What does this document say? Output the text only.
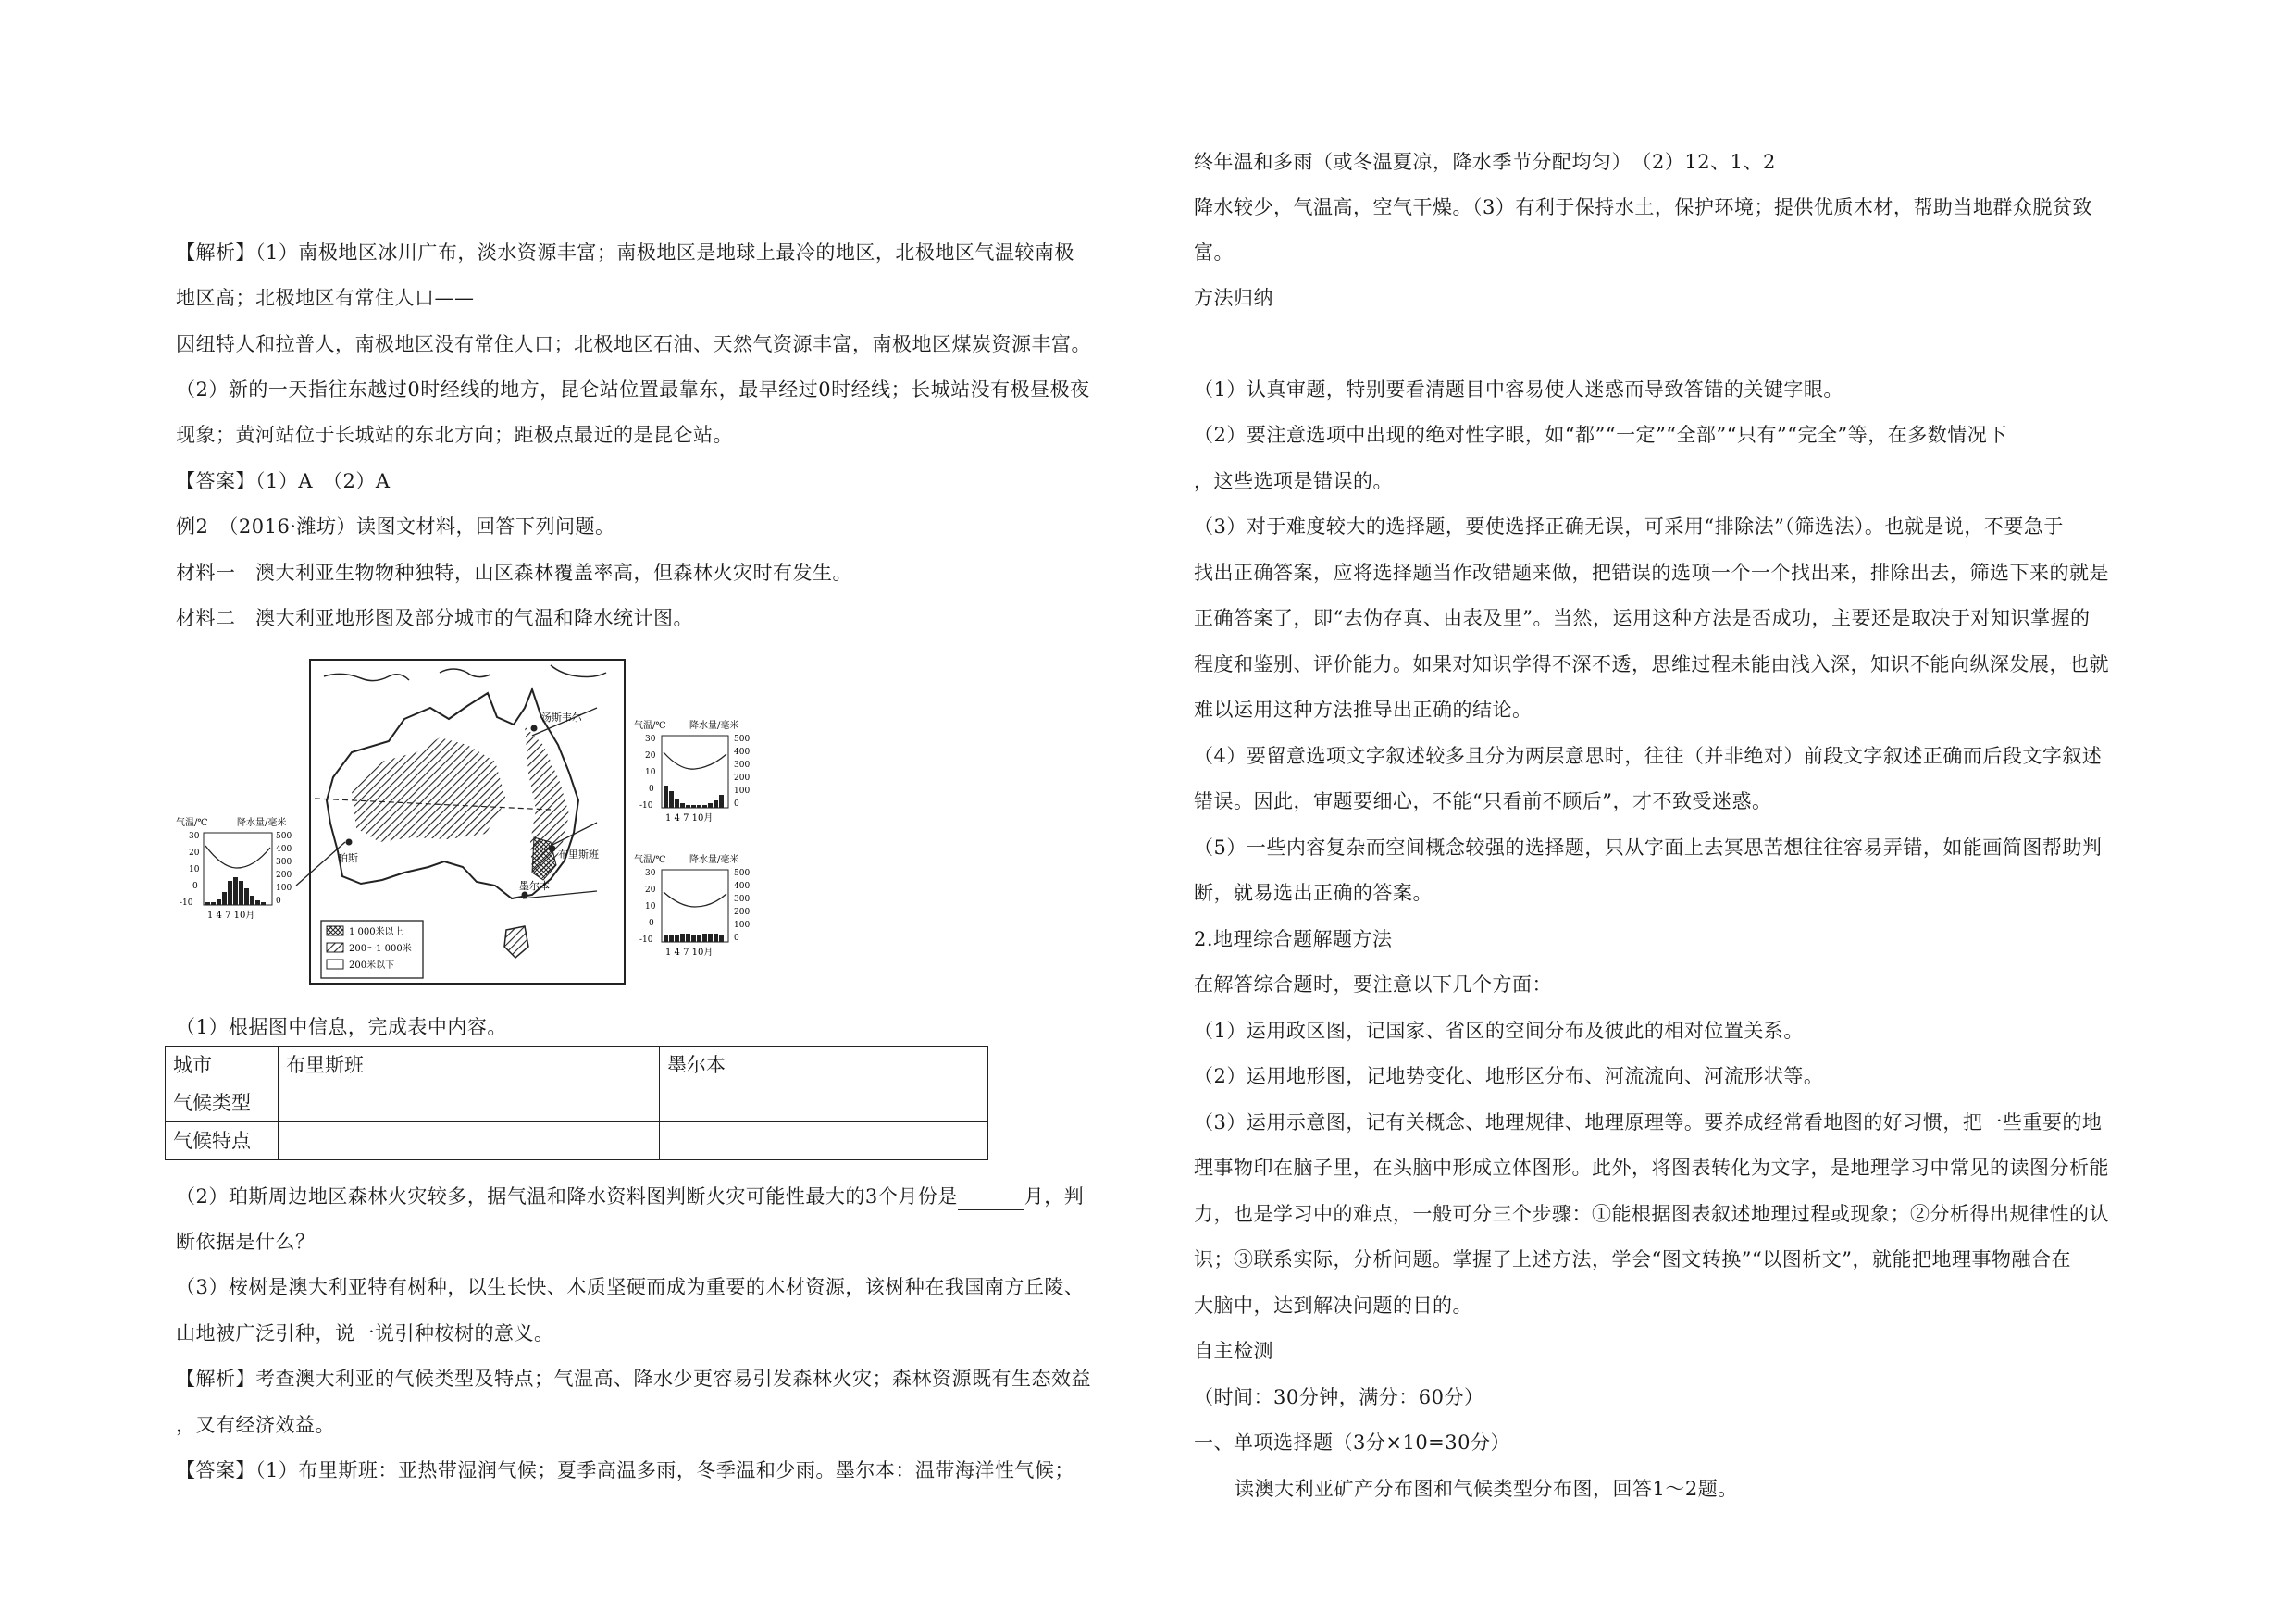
【解析】（1）南极地区冰川广布，淡水资源丰富；南极地区是地球上最冷的地区，北极地区气温较南极
地区高；北极地区有常住人口——
因纽特人和拉普人，南极地区没有常住人口；北极地区石油、天然气资源丰富，南极地区煤炭资源丰富。
（2）新的一天指往东越过0时经线的地方，昆仑站位置最靠东，最早经过0时经线；长城站没有极昼极夜
现象；黄河站位于长城站的东北方向；距极点最近的是昆仑站。
【答案】（1）A　（2）A
例2　（2016·潍坊）读图文材料，回答下列问题。
材料一　澳大利亚生物物种独特，山区森林覆盖率高，但森林火灾时有发生。
材料二　澳大利亚地形图及部分城市的气温和降水统计图。
汤斯韦尔
珀斯	布里斯班
墨尔本
1 000米以上
200～1 000米
200米以下
气温/℃	降水量/毫米
30
20
10
0
-10
500
400
300
200
100
0
1 4 7 10月
气温/℃	降水量/毫米
30
20
10
0
-10
500
400
300
200
100
0
1 4 7 10月
气温/℃	降水量/毫米
30
20
10
0
-10
500
400
300
200
100
0
1 4 7 10月
（1）根据图中信息，完成表中内容。
城市	布里斯班	墨尔本
气候类型		
气候特点		
（2）珀斯周边地区森林火灾较多，据气温和降水资料图判断火灾可能性最大的3个月份是	月，判
断依据是什么？
（3）桉树是澳大利亚特有树种，以生长快、木质坚硬而成为重要的木材资源，该树种在我国南方丘陵、
山地被广泛引种，说一说引种桉树的意义。
【解析】考查澳大利亚的气候类型及特点；气温高、降水少更容易引发森林火灾；森林资源既有生态效益
，又有经济效益。
【答案】（1）布里斯班：亚热带湿润气候；夏季高温多雨，冬季温和少雨。墨尔本：温带海洋性气候；
终年温和多雨（或冬温夏凉，降水季节分配均匀）　（2）12、1、2
降水较少，气温高，空气干燥。（3）有利于保持水土，保护环境；提供优质木材，帮助当地群众脱贫致
富。
方法归纳
（1）认真审题，特别要看清题目中容易使人迷惑而导致答错的关键字眼。
（2）要注意选项中出现的绝对性字眼，如“都”“一定”“全部”“只有”“完全”等，在多数情况下
，这些选项是错误的。
（3）对于难度较大的选择题，要使选择正确无误，可采用“排除法”（筛选法）。也就是说，不要急于
找出正确答案，应将选择题当作改错题来做，把错误的选项一个一个找出来，排除出去，筛选下来的就是
正确答案了，即“去伪存真、由表及里”。当然，运用这种方法是否成功，主要还是取决于对知识掌握的
程度和鉴别、评价能力。如果对知识学得不深不透，思维过程未能由浅入深，知识不能向纵深发展，也就
难以运用这种方法推导出正确的结论。
（4）要留意选项文字叙述较多且分为两层意思时，往往（并非绝对）前段文字叙述正确而后段文字叙述
错误。因此，审题要细心，不能“只看前不顾后”，才不致受迷惑。
（5）一些内容复杂而空间概念较强的选择题，只从字面上去冥思苦想往往容易弄错，如能画简图帮助判
断，就易选出正确的答案。
2.地理综合题解题方法
在解答综合题时，要注意以下几个方面：
（1）运用政区图，记国家、省区的空间分布及彼此的相对位置关系。
（2）运用地形图，记地势变化、地形区分布、河流流向、河流形状等。
（3）运用示意图，记有关概念、地理规律、地理原理等。要养成经常看地图的好习惯，把一些重要的地
理事物印在脑子里，在头脑中形成立体图形。此外，将图表转化为文字，是地理学习中常见的读图分析能
力，也是学习中的难点，一般可分三个步骤：①能根据图表叙述地理过程或现象；②分析得出规律性的认
识；③联系实际，分析问题。掌握了上述方法，学会“图文转换”“以图析文”，就能把地理事物融合在
大脑中，达到解决问题的目的。
自主检测
（时间：30分钟，满分：60分）
一、单项选择题（3分×10=30分）
读澳大利亚矿产分布图和气候类型分布图，回答1～2题。
